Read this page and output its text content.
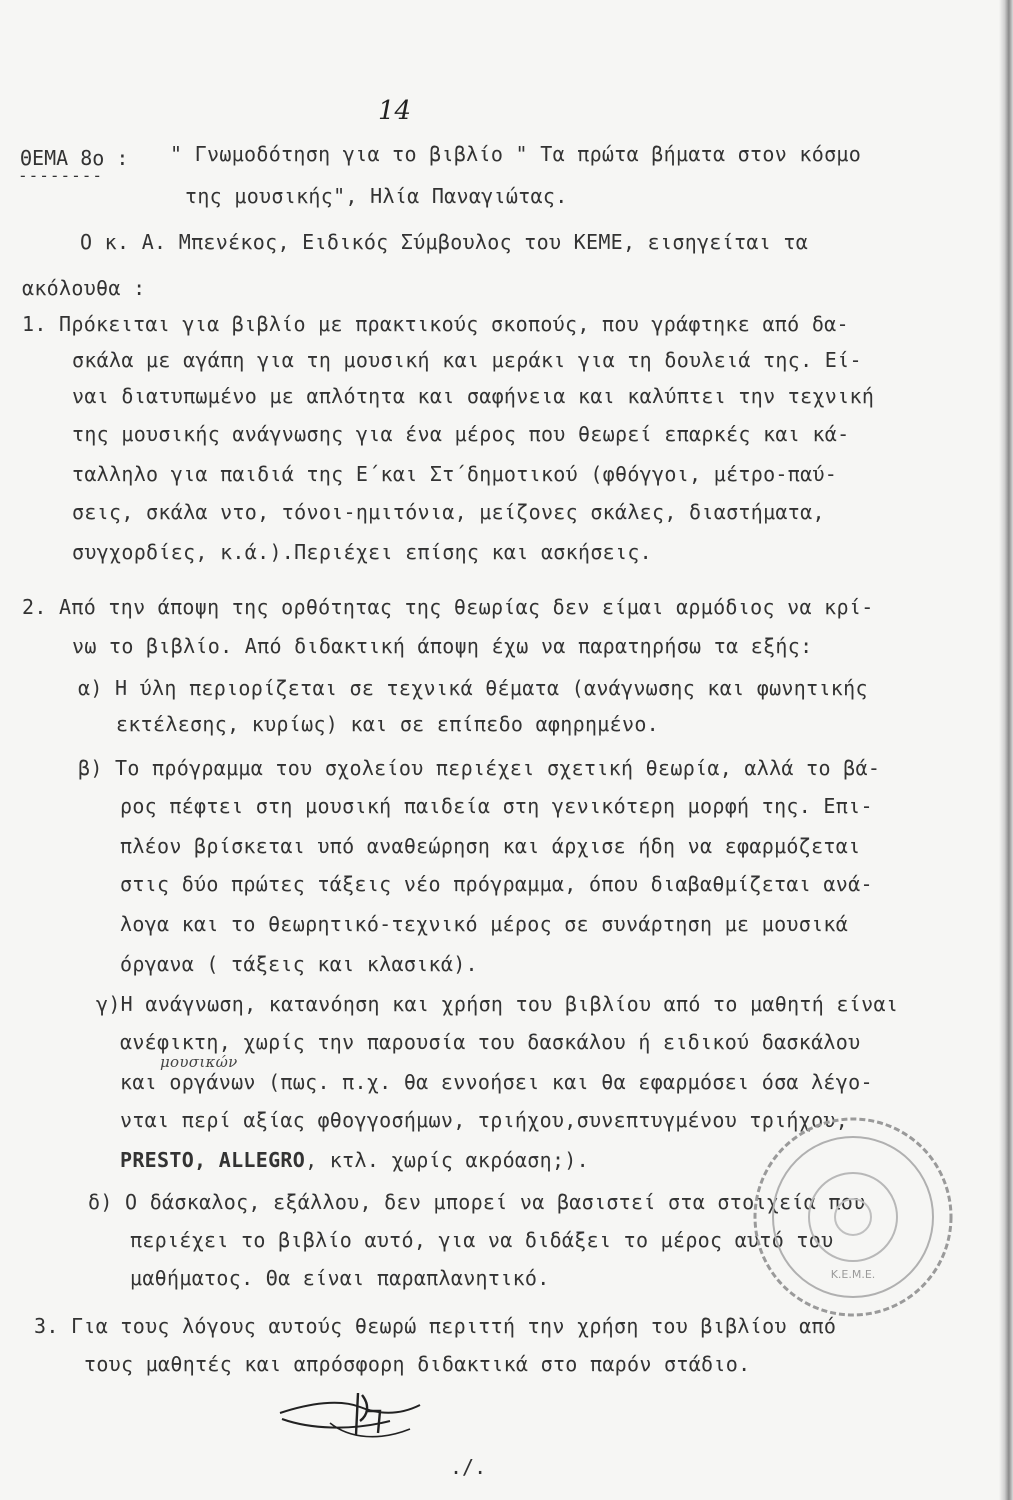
14
ΘΕΜΑ 8ο :
--------
" Γνωμοδότηση για το βιβλίο " Τα πρώτα βήματα στον κόσμο
της μουσικής", Ηλία Παναγιώτας.
Ο κ. Α. Μπενέκος, Ειδικός Σύμβουλος του ΚΕΜΕ, εισηγείται τα
ακόλουθα :
1. Πρόκειται για βιβλίο με πρακτικούς σκοπούς, που γράφτηκε από δα-
σκάλα με αγάπη για τη μουσική και μεράκι για τη δουλειά της. Εί-
ναι διατυπωμένο με απλότητα και σαφήνεια και καλύπτει την τεχνική
της μουσικής ανάγνωσης για ένα μέρος που θεωρεί επαρκές και κά-
ταλληλο για παιδιά της Ε΄και Στ΄δημοτικού (φθόγγοι, μέτρο-παύ-
σεις, σκάλα ντο, τόνοι-ημιτόνια, μείζονες σκάλες, διαστήματα,
συγχορδίες, κ.ά.).Περιέχει επίσης και ασκήσεις.
2. Από την άποψη της ορθότητας της θεωρίας δεν είμαι αρμόδιος να κρί-
νω το βιβλίο. Από διδακτική άποψη έχω να παρατηρήσω τα εξής:
α) Η ύλη περιορίζεται σε τεχνικά θέματα (ανάγνωσης και φωνητικής
εκτέλεσης, κυρίως) και σε επίπεδο αφηρημένο.
β) Το πρόγραμμα του σχολείου περιέχει σχετική θεωρία, αλλά το βά-
ρος πέφτει στη μουσική παιδεία στη γενικότερη μορφή της. Επι-
πλέον βρίσκεται υπό αναθεώρηση και άρχισε ήδη να εφαρμόζεται
στις δύο πρώτες τάξεις νέο πρόγραμμα, όπου διαβαθμίζεται ανά-
λογα και το θεωρητικό-τεχνικό μέρος σε συνάρτηση με μουσικά
όργανα ( τάξεις και κλασικά).
γ)Η ανάγνωση, κατανόηση και χρήση του βιβλίου από το μαθητή είναι
ανέφικτη, χωρίς την παρουσία του δασκάλου ή ειδικού δασκάλου
και οργάνων (πως. π.χ. θα εννοήσει και θα εφαρμόσει όσα λέγο-
νται περί αξίας φθογγοσήμων, τριήχου,συνεπτυγμένου τριήχου,
PRESTO, ALLEGRO, κτλ. χωρίς ακρόαση;).
δ) Ο δάσκαλος, εξάλλου, δεν μπορεί να βασιστεί στα στοιχεία που
περιέχει το βιβλίο αυτό, για να διδάξει το μέρος αυτό του
μαθήματος. Θα είναι παραπλανητικό.
3. Για τους λόγους αυτούς θεωρώ περιττή την χρήση του βιβλίου από
τους μαθητές και απρόσφορη διδακτικά στο παρόν στάδιο.
μουσικών
Κ.Ε.Μ.Ε.
./.
